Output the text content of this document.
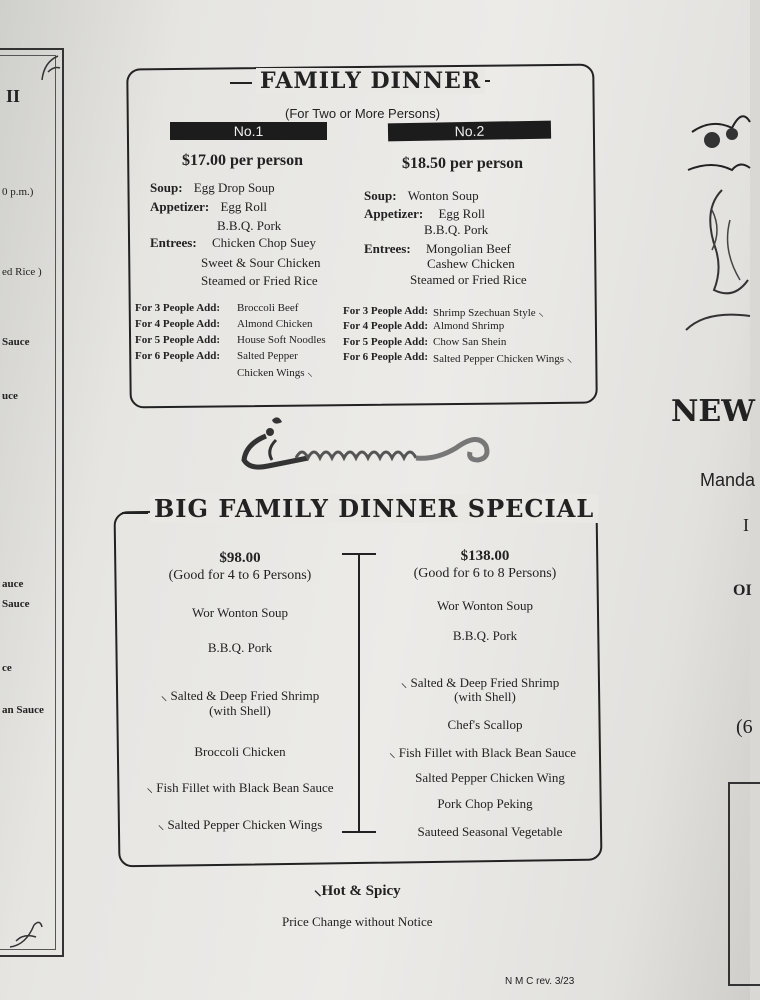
II
0 p.m.)
ed Rice )
Sauce
uce
auce
Sauce
ce
an Sauce
FAMILY DINNER
(For Two or More Persons)
No.1	No.2
$17.00 per person	$18.50 per person
Soup: Egg Drop Soup
Appetizer: Egg Roll
B.B.Q. Pork
Entrees: Chicken Chop Suey
Sweet & Sour Chicken
Steamed or Fried Rice
For 3 People Add: Broccoli Beef
For 4 People Add: Almond Chicken
For 5 People Add: House Soft Noodles
For 6 People Add: Salted Pepper
Chicken Wings ⸜
Soup: Wonton Soup
Appetizer: Egg Roll
B.B.Q. Pork
Entrees: Mongolian Beef
Cashew Chicken
Steamed or Fried Rice
For 3 People Add: Shrimp Szechuan Style ⸜
For 4 People Add: Almond Shrimp
For 5 People Add: Chow San Shein
For 6 People Add: Salted Pepper Chicken Wings ⸜
BIG FAMILY DINNER SPECIAL
$98.00
(Good for 4 to 6 Persons)
Wor Wonton Soup
B.B.Q. Pork
⸜ Salted & Deep Fried Shrimp
(with Shell)
Broccoli Chicken
⸜ Fish Fillet with Black Bean Sauce
⸜ Salted Pepper Chicken Wings
$138.00
(Good for 6 to 8 Persons)
Wor Wonton Soup
B.B.Q. Pork
⸜ Salted & Deep Fried Shrimp
(with Shell)
Chef's Scallop
⸜ Fish Fillet with Black Bean Sauce
Salted Pepper Chicken Wing
Pork Chop Peking
Sauteed Seasonal Vegetable
⸜Hot & Spicy
Price Change without Notice
N M C rev. 3/23
NEW
Manda
I
OI
(6
